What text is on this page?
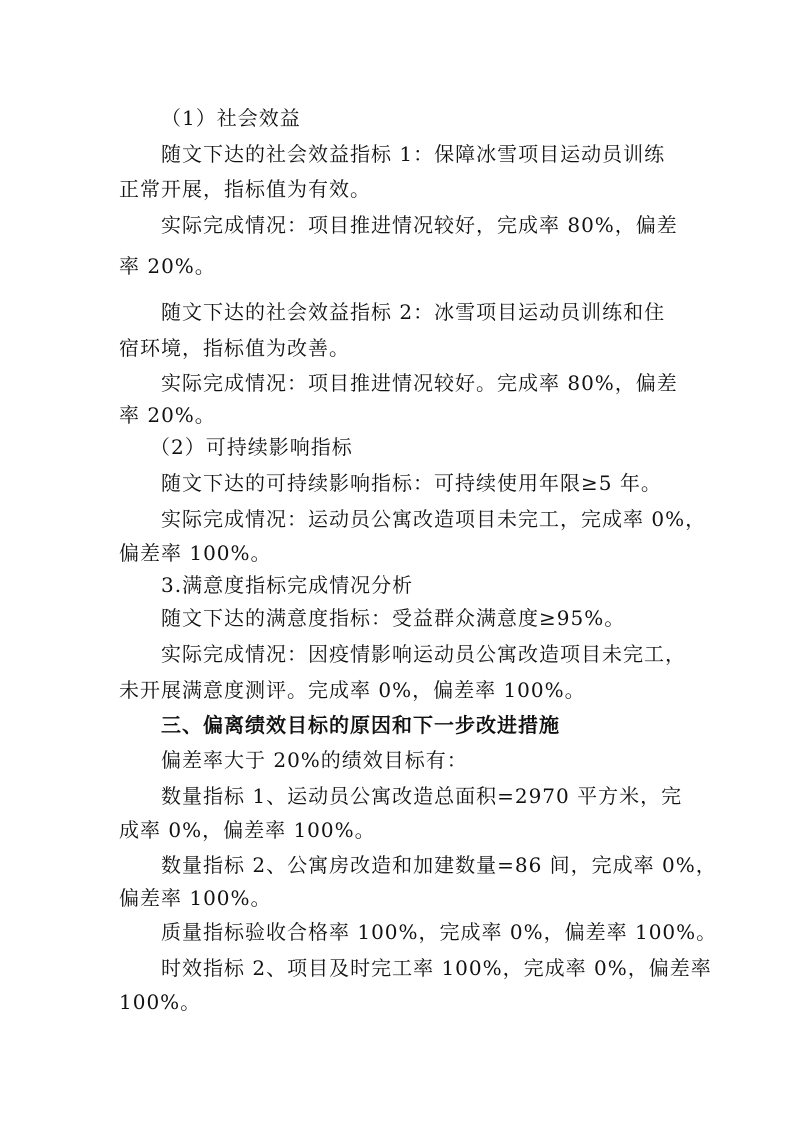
（1）社会效益
随文下达的社会效益指标 1：保障冰雪项目运动员训练
正常开展，指标值为有效。
实际完成情况：项目推进情况较好，完成率 80%，偏差
率 20%。
随文下达的社会效益指标 2：冰雪项目运动员训练和住
宿环境，指标值为改善。
实际完成情况：项目推进情况较好。完成率 80%，偏差
率 20%。
（2）可持续影响指标
随文下达的可持续影响指标：可持续使用年限≥5 年。
实际完成情况：运动员公寓改造项目未完工，完成率 0%，
偏差率 100%。
3.满意度指标完成情况分析
随文下达的满意度指标：受益群众满意度≥95%。
实际完成情况：因疫情影响运动员公寓改造项目未完工，
未开展满意度测评。完成率 0%，偏差率 100%。
三、偏离绩效目标的原因和下一步改进措施
偏差率大于 20%的绩效目标有：
数量指标 1、运动员公寓改造总面积=2970 平方米，完
成率 0%，偏差率 100%。
数量指标 2、公寓房改造和加建数量=86 间，完成率 0%，
偏差率 100%。
质量指标验收合格率 100%，完成率 0%，偏差率 100%。
时效指标 2、项目及时完工率 100%，完成率 0%，偏差率
100%。
